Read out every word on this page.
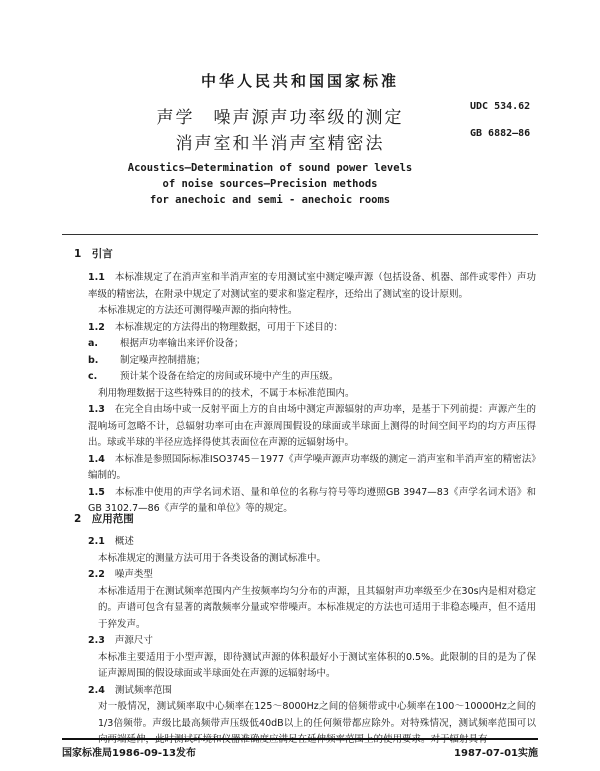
中华人民共和国国家标准
声学　噪声源声功率级的测定
消声室和半消声室精密法
UDC 534.62
GB 6882—86
Acoustics—Determination of sound power levels
of noise sources—Precision methods
for anechoic and semi - anechoic rooms
1　引言

1.1 本标准规定了在消声室和半消声室的专用测试室中测定噪声源（包括设备、机器、部件或零件）声功率级的精密法，在附录中规定了对测试室的要求和鉴定程序，还给出了测试室的设计原则。

本标准规定的方法还可测得噪声源的指向特性。

1.2 本标准规定的方法得出的物理数据，可用于下述目的：

a. 根据声功率输出来评价设备；

b. 制定噪声控制措施；

c. 预计某个设备在给定的房间或环境中产生的声压级。

利用物理数据于这些特殊目的的技术，不属于本标准范围内。

1.3 在完全自由场中或一反射平面上方的自由场中测定声源辐射的声功率，是基于下列前提：声源产生的混响场可忽略不计，总辐射功率可由在声源周围假设的球面或半球面上测得的时间空间平均的均方声压得出。球或半球的半径应选择得使其表面位在声源的远辐射场中。

1.4 本标准是参照国际标准ISO3745－1977《声学噪声源声功率级的测定－消声室和半消声室的精密法》编制的。

1.5 本标准中使用的声学名词术语、量和单位的名称与符号等均遵照GB 3947—83《声学名词术语》和GB 3102.7—86《声学的量和单位》等的规定。

2　应用范围

2.1 概述

本标准规定的测量方法可用于各类设备的测试标准中。

2.2 噪声类型

本标准适用于在测试频率范围内产生按频率均匀分布的声源，且其辐射声功率级至少在30s内是相对稳定的。声谱可包含有显著的离散频率分量或窄带噪声。本标准规定的方法也可适用于非稳态噪声，但不适用于猝发声。

2.3 声源尺寸

本标准主要适用于小型声源，即待测试声源的体积最好小于测试室体积的0.5%。此限制的目的是为了保证声源周围的假设球面或半球面处在声源的远辐射场中。

2.4 测试频率范围

对一般情况，测试频率取中心频率在125～8000Hz之间的倍频带或中心频率在100～10000Hz之间的1/3倍频带。声级比最高频带声压级低40dB以上的任何频带都应除外。对特殊情况，测试频率范围可以向两端延伸，此时测试环境和仪器准确度应满足在延伸频率范围上的使用要求。对于辐射具有

国家标准局1986-09-13发布	1987-07-01实施
